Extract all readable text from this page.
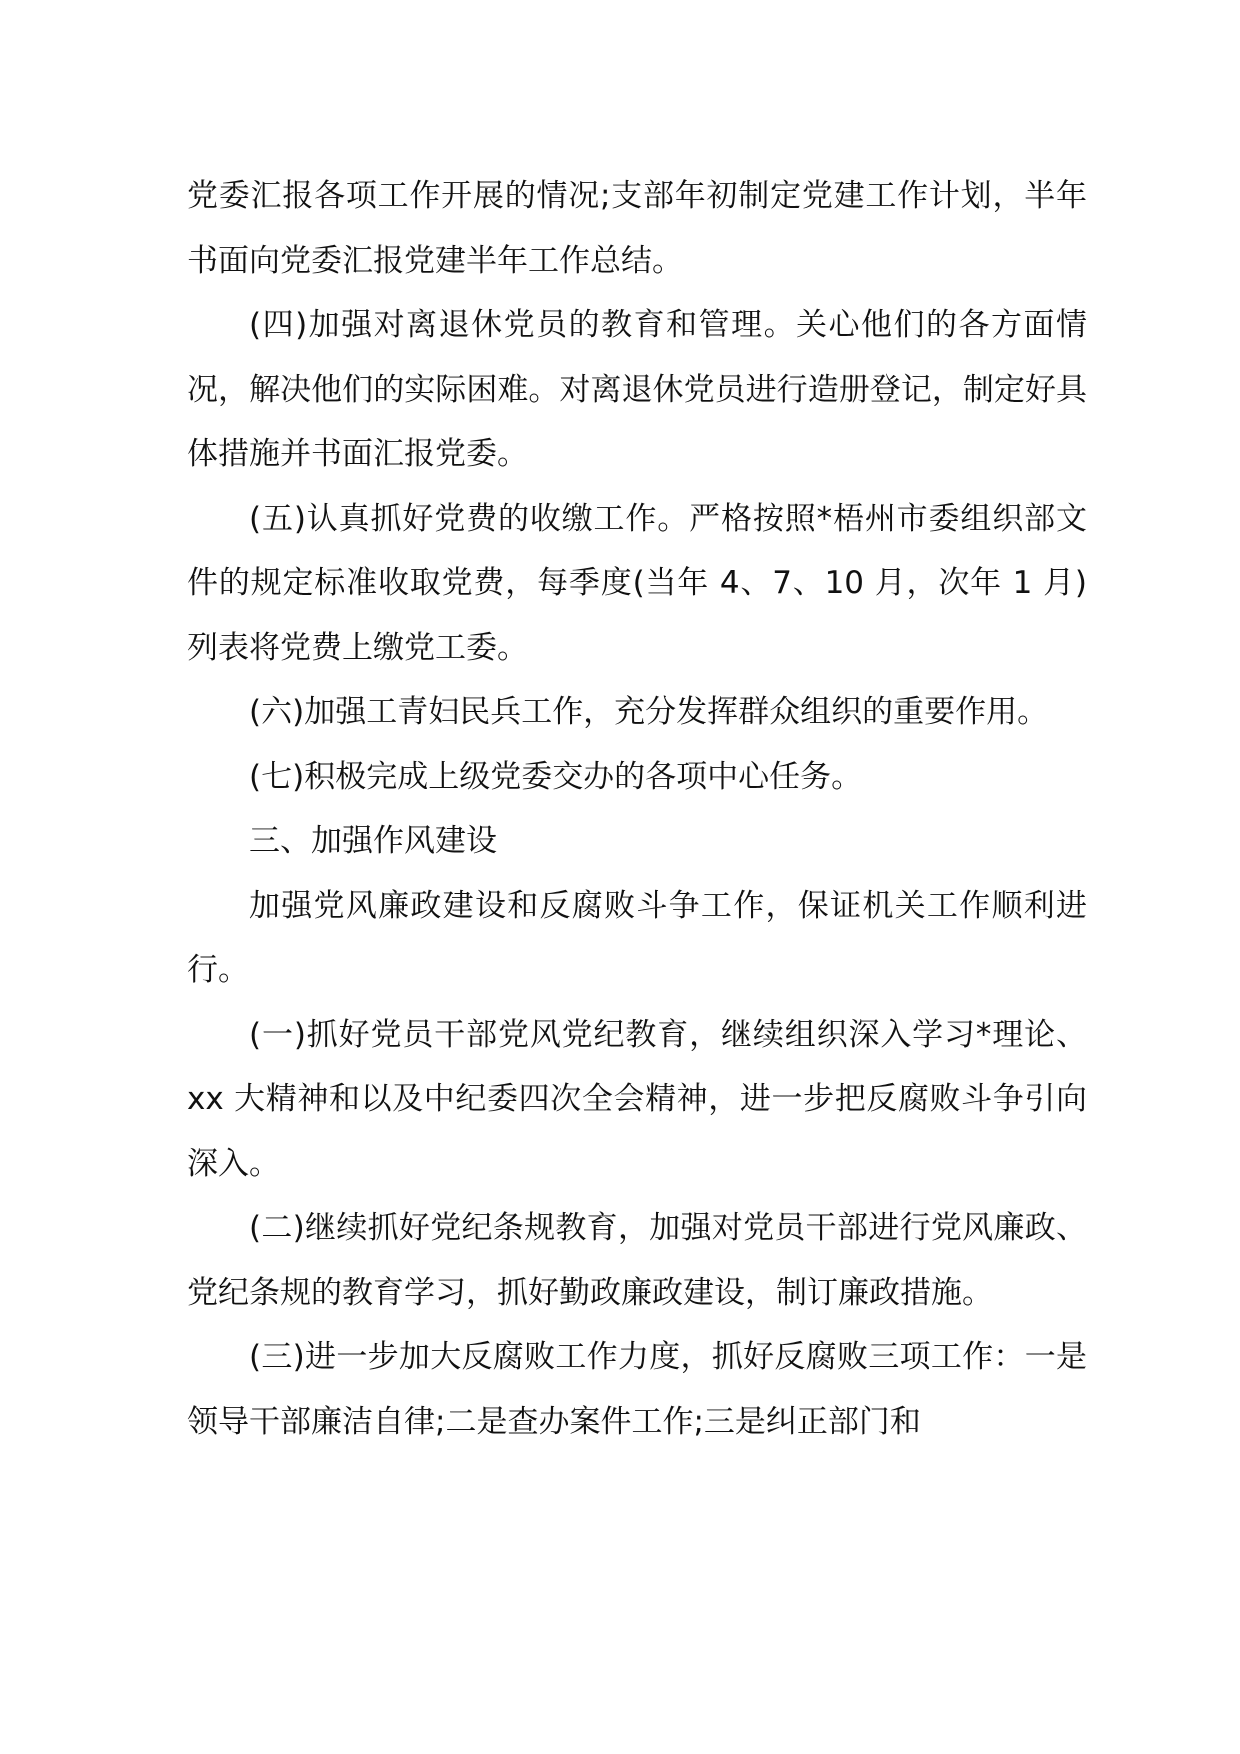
党委汇报各项工作开展的情况;支部年初制定党建工作计划，半年书面向党委汇报党建半年工作总结。

(四)加强对离退休党员的教育和管理。关心他们的各方面情况，解决他们的实际困难。对离退休党员进行造册登记，制定好具体措施并书面汇报党委。

(五)认真抓好党费的收缴工作。严格按照*梧州市委组织部文件的规定标准收取党费，每季度(当年 4、7、10 月，次年 1 月)列表将党费上缴党工委。

(六)加强工青妇民兵工作，充分发挥群众组织的重要作用。

(七)积极完成上级党委交办的各项中心任务。

三、加强作风建设

加强党风廉政建设和反腐败斗争工作，保证机关工作顺利进行。

(一)抓好党员干部党风党纪教育，继续组织深入学习*理论、xx 大精神和以及中纪委四次全会精神，进一步把反腐败斗争引向深入。

(二)继续抓好党纪条规教育，加强对党员干部进行党风廉政、党纪条规的教育学习，抓好勤政廉政建设，制订廉政措施。

(三)进一步加大反腐败工作力度，抓好反腐败三项工作：一是领导干部廉洁自律;二是查办案件工作;三是纠正部门和
